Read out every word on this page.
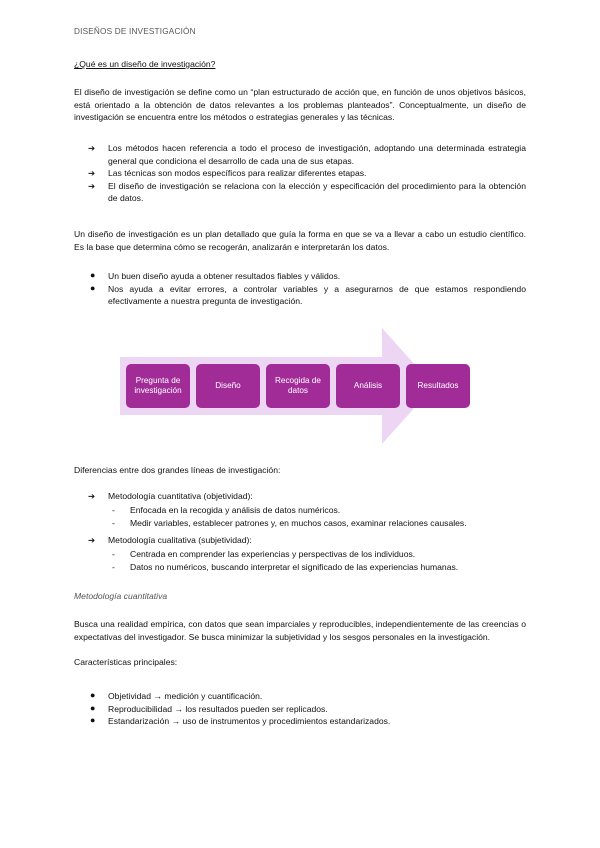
DISEÑOS DE INVESTIGACIÓN
¿Qué es un diseño de investigación?

El diseño de investigación se define como un “plan estructurado de acción que, en función de unos objetivos básicos, está orientado a la obtención de datos relevantes a los problemas planteados”. Conceptualmente, un diseño de investigación se encuentra entre los métodos o estrategias generales y las técnicas.

➔ Los métodos hacen referencia a todo el proceso de investigación, adoptando una determinada estrategia general que condiciona el desarrollo de cada una de sus etapas.
➔ Las técnicas son modos específicos para realizar diferentes etapas.
➔ El diseño de investigación se relaciona con la elección y especificación del procedimiento para la obtención de datos.

Un diseño de investigación es un plan detallado que guía la forma en que se va a llevar a cabo un estudio científico. Es la base que determina cómo se recogerán, analizarán e interpretarán los datos.

● Un buen diseño ayuda a obtener resultados fiables y válidos.
● Nos ayuda a evitar errores, a controlar variables y a asegurarnos de que estamos respondiendo efectivamente a nuestra pregunta de investigación.
Pregunta de investigación
Diseño
Recogida de datos
Análisis	Resultados

Diferencias entre dos grandes líneas de investigación:

➔ Metodología cuantitativa (objetividad):
- Enfocada en la recogida y análisis de datos numéricos.
- Medir variables, establecer patrones y, en muchos casos, examinar relaciones causales.
➔ Metodología cualitativa (subjetividad):
- Centrada en comprender las experiencias y perspectivas de los individuos.
- Datos no numéricos, buscando interpretar el significado de las experiencias humanas.
Metodología cuantitativa

Busca una realidad empírica, con datos que sean imparciales y reproducibles, independientemente de las creencias o expectativas del investigador. Se busca minimizar la subjetividad y los sesgos personales en la investigación.

Características principales:

● Objetividad → medición y cuantificación.
● Reproducibilidad → los resultados pueden ser replicados.
● Estandarización → uso de instrumentos y procedimientos estandarizados.
